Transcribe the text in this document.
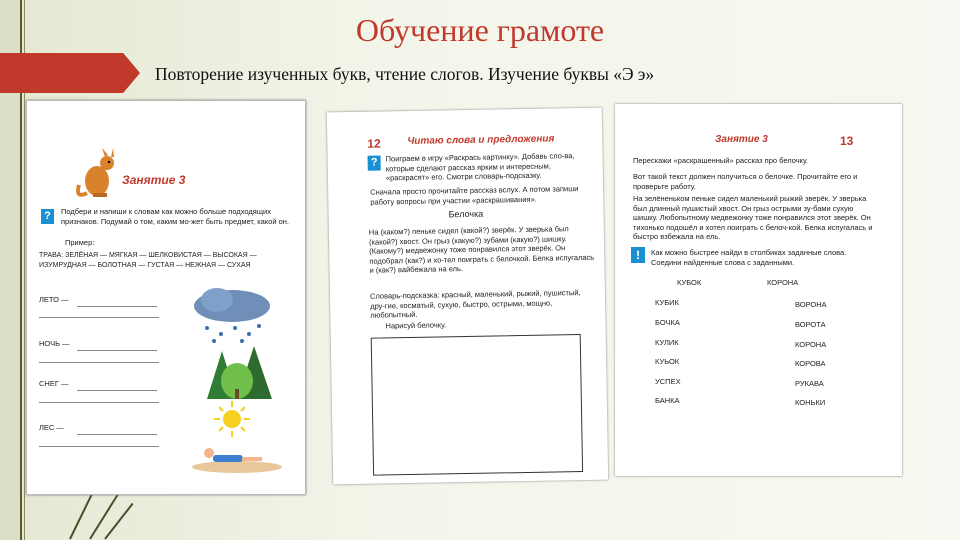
Обучение грамоте
Повторение изученных букв, чтение слогов. Изучение буквы «Э э»
Занятие 3
?	Подбери и напиши к словам как можно больше подходящих признаков. Подумай о том, каким мо-жет быть предмет, какой он.
Пример:
ТРАВА: ЗЕЛЁНАЯ — МЯГКАЯ — ШЕЛКОВИСТАЯ — ВЫСОКАЯ — ИЗУМРУДНАЯ — БОЛОТНАЯ — ГУСТАЯ — НЕЖНАЯ — СУХАЯ
ЛЕТО —
НОЧЬ —
СНЕГ —
ЛЕС —
12	Читаю слова и предложения
?	Поиграем в игру «Раскрась картинку». Добавь сло-ва, которые сделают рассказ ярким и интересным, «раскрасят» его. Смотри словарь-подсказку.
Сначала просто прочитайте рассказ вслух. А потом запиши работу вопросы при участии «раскрашивания».
Белочка
На (каком?) пеньке сидел (какой?) зверёк. У зверька был (какой?) хвост. Он грыз (какую?) зубами (какую?) шишку. (Какому?) медвежонку тоже понравился этот зверёк. Он подобрал (как?) и хо-тел поиграть с белочкой. Белка испугалась и (как?) вайбежала на ель.
Словарь-подсказка: красный, маленький, рыжий, пушистый, дру-гие, косматый, сухую, быстро, острыми, мощно, любопытный.
Нарисуй белочку.
Занятие 3	13
Перескажи «раскрашенный» рассказ про белочку.
Вот такой текст должен получиться о белочке. Прочитайте его и проверьте работу.
На зелёненьком пеньке сидел маленький рыжий зверёк. У зверька был длинный пушистый хвост. Он грыз острыми зу-бами сухую шишку. Любопытному медвежонку тоже понравился этот зверёк. Он тихонько подошёл и хотел поиграть с белоч-кой. Белка испугалась и быстро взбежала на ель.
!	Как можно быстрее найди в столбиках заданные слова. Соедини найденные слова с заданными.
КУБОК	КОРОНА
КУБИК
БОЧКА
КУЛИК
КУЬОК
УСПЕХ
БАНКА
ВОРОНА
ВОРОТА
КОРОНА
КОРОВА
РУКАВА
КОНЬКИ
